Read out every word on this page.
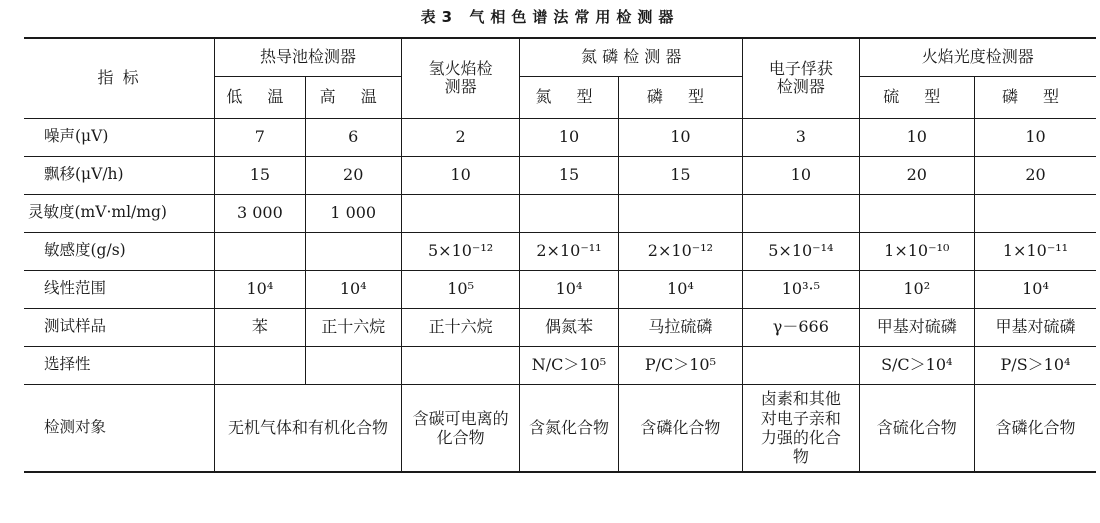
表3 气相色谱法常用检测器
指 标	热导池检测器		氢火焰检测器	氮 磷 检 测 器		电子俘获检测器	火焰光度检测器	
	低 温	高 温		氮 型	磷 型		硫 型	磷 型
噪声(μV)	7	6	2	10	10	3	10	10
飘移(μV/h)	15	20	10	15	15	10	20	20
灵敏度(mV·ml/mg)	3 000	1 000						
敏感度(g/s)			5×10⁻¹²	2×10⁻¹¹	2×10⁻¹²	5×10⁻¹⁴	1×10⁻¹⁰	1×10⁻¹¹
线性范围	10⁴	10⁴	10⁵	10⁴	10⁴	10³·⁵	10²	10⁴
测试样品	苯	正十六烷	正十六烷	偶氮苯	马拉硫磷	γ－666	甲基对硫磷	甲基对硫磷
选择性				N/C＞10⁵	P/C＞10⁵		S/C＞10⁴	P/S＞10⁴
检测对象	无机气体和有机化合物		含碳可电离的化合物	含氮化合物	含磷化合物	卤素和其他对电子亲和力强的化合物	含硫化合物	含磷化合物
